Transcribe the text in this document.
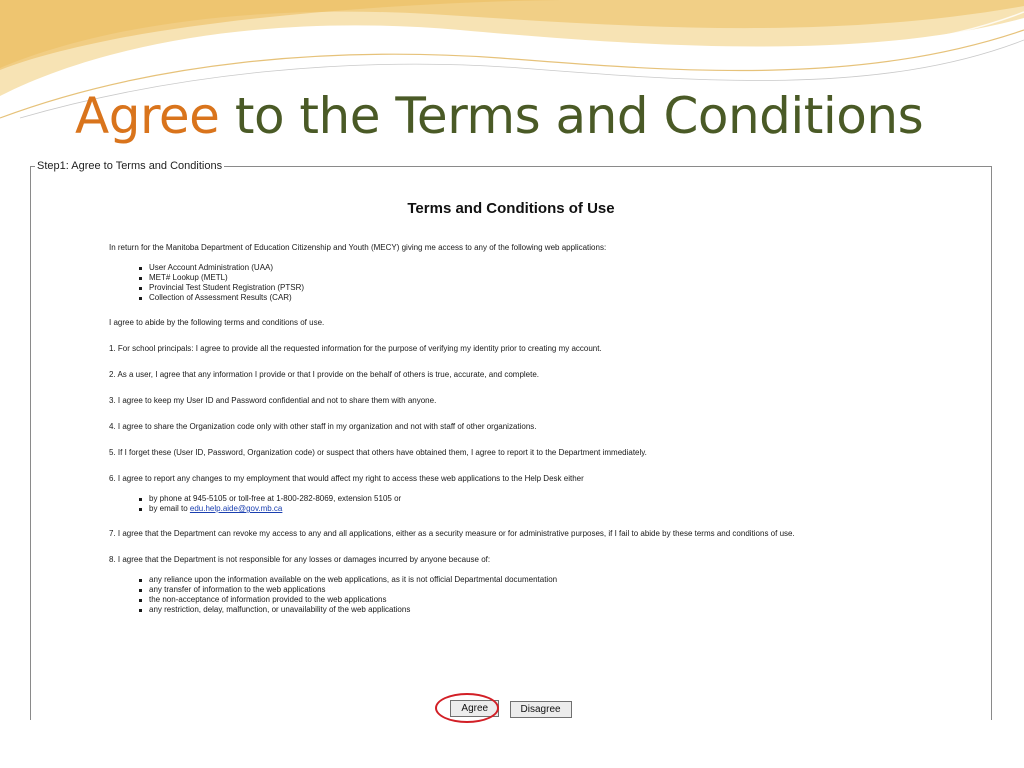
Agree to the Terms and Conditions
Step1: Agree to Terms and Conditions
Terms and Conditions of Use

In return for the Manitoba Department of Education Citizenship and Youth (MECY) giving me access to any of the following web applications:

User Account Administration (UAA)
MET# Lookup (METL)
Provincial Test Student Registration (PTSR)
Collection of Assessment Results (CAR)

I agree to abide by the following terms and conditions of use.

1. For school principals: I agree to provide all the requested information for the purpose of verifying my identity prior to creating my account.

2. As a user, I agree that any information I provide or that I provide on the behalf of others is true, accurate, and complete.

3. I agree to keep my User ID and Password confidential and not to share them with anyone.

4. I agree to share the Organization code only with other staff in my organization and not with staff of other organizations.

5. If I forget these (User ID, Password, Organization code) or suspect that others have obtained them, I agree to report it to the Department immediately.

6. I agree to report any changes to my employment that would affect my right to access these web applications to the Help Desk either

by phone at 945-5105 or toll-free at 1-800-282-8069, extension 5105 or
by email to edu.help.aide@gov.mb.ca

7. I agree that the Department can revoke my access to any and all applications, either as a security measure or for administrative purposes, if I fail to abide by these terms and conditions of use.

8. I agree that the Department is not responsible for any losses or damages incurred by anyone because of:

any reliance upon the information available on the web applications, as it is not official Departmental documentation
any transfer of information to the web applications
the non-acceptance of information provided to the web applications
any restriction, delay, malfunction, or unavailability of the web applications
Agree	Disagree
